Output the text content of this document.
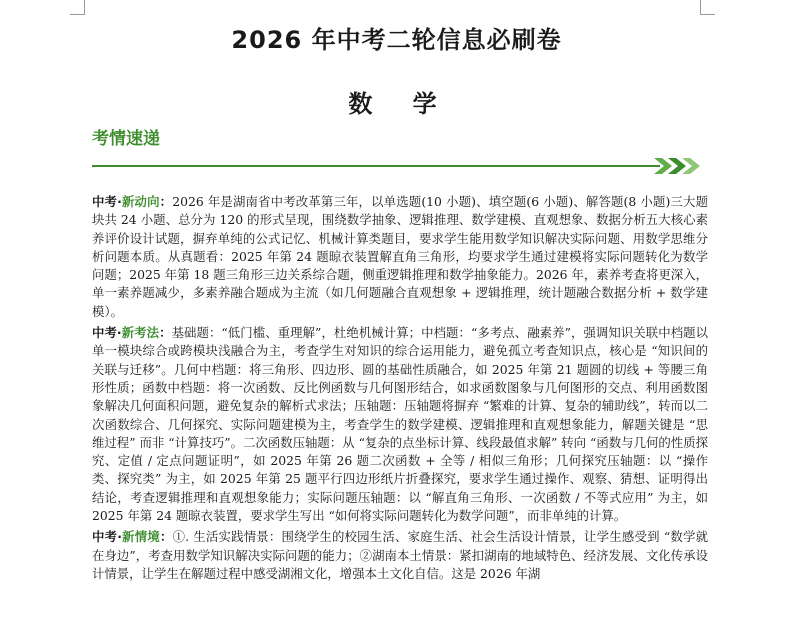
2026 年中考二轮信息必刷卷
数 学
考情速递

中考·新动向：2026 年是湖南省中考改革第三年，以单选题(10 小题)、填空题(6 小题)、解答题(8 小题)三大题块共 24 小题、总分为 120 的形式呈现，围绕数学抽象、逻辑推理、数学建模、直观想象、数据分析五大核心素养评价设计试题，摒弃单纯的公式记忆、机械计算类题目，要求学生能用数学知识解决实际问题、用数学思维分析问题本质。从真题看：2025 年第 24 题晾衣装置解直角三角形，均要求学生通过建模将实际问题转化为数学问题；2025 年第 18 题三角形三边关系综合题，侧重逻辑推理和数学抽象能力。2026 年，素养考查将更深入，单一素养题减少，多素养融合题成为主流（如几何题融合直观想象 + 逻辑推理，统计题融合数据分析 + 数学建模）。

中考·新考法：基础题：“低门槛、重理解”，杜绝机械计算；中档题：“多考点、融素养”，强调知识关联中档题以单一模块综合或跨模块浅融合为主，考查学生对知识的综合运用能力，避免孤立考查知识点，核心是 “知识间的关联与迁移”。几何中档题：将三角形、四边形、圆的基础性质融合，如 2025 年第 21 题圆的切线 + 等腰三角形性质；函数中档题：将一次函数、反比例函数与几何图形结合，如求函数图象与几何图形的交点、利用函数图象解决几何面积问题，避免复杂的解析式求法；压轴题：压轴题将摒弃 “繁难的计算、复杂的辅助线”，转而以二次函数综合、几何探究、实际问题建模为主，考查学生的数学建模、逻辑推理和直观想象能力，解题关键是 “思维过程” 而非 “计算技巧”。二次函数压轴题：从 “复杂的点坐标计算、线段最值求解” 转向 “函数与几何的性质探究、定值 / 定点问题证明”，如 2025 年第 26 题二次函数 + 全等 / 相似三角形；几何探究压轴题：以 “操作类、探究类” 为主，如 2025 年第 25 题平行四边形纸片折叠探究，要求学生通过操作、观察、猜想、证明得出结论，考查逻辑推理和直观想象能力；实际问题压轴题：以 “解直角三角形、一次函数 / 不等式应用” 为主，如 2025 年第 24 题晾衣装置，要求学生写出 “如何将实际问题转化为数学问题”，而非单纯的计算。

中考·新情境：①. 生活实践情景：围绕学生的校园生活、家庭生活、社会生活设计情景，让学生感受到 “数学就在身边”，考查用数学知识解决实际问题的能力；②湖南本土情景：紧扣湖南的地域特色、经济发展、文化传承设计情景，让学生在解题过程中感受湖湘文化，增强本土文化自信。这是 2026 年湖
